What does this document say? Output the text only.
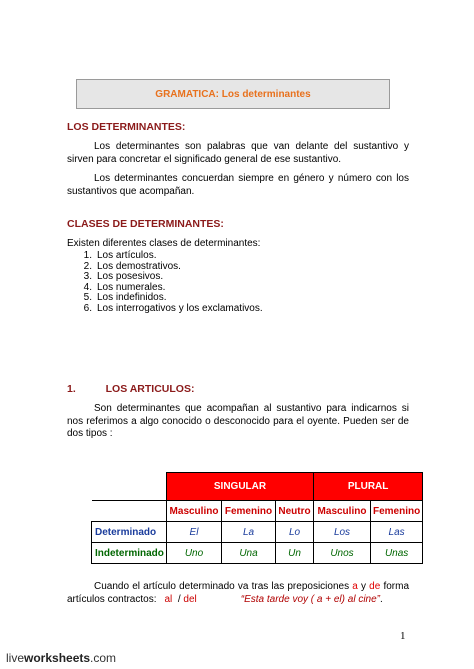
GRAMATICA: Los determinantes
LOS DETERMINANTES:
Los determinantes son palabras que van delante del sustantivo y sirven para concretar el significado general de ese sustantivo.
Los determinantes concuerdan siempre en género y número con los sustantivos que acompañan.
CLASES DE DETERMINANTES:
Existen diferentes clases de determinantes:
1. Los artículos.
2. Los demostrativos.
3. Los posesivos.
4. Los numerales.
5. Los indefinidos.
6. Los interrogativos y los exclamativos.
1.	LOS ARTICULOS:
Son determinantes que acompañan al sustantivo para indicarnos si nos referimos a algo conocido o desconocido para el oyente. Pueden ser de dos tipos :
	SINGULAR			PLURAL	
	Masculino	Femenino	Neutro	Masculino	Femenino
Determinado	El	La	Lo	Los	Las
Indeterminado	Uno	Una	Un	Unos	Unas
Cuando el artículo determinado va tras las preposiciones a y de forma artículos contractos: al / del	“Esta tarde voy ( a + el) al cine”.
1
liveworksheets.com
